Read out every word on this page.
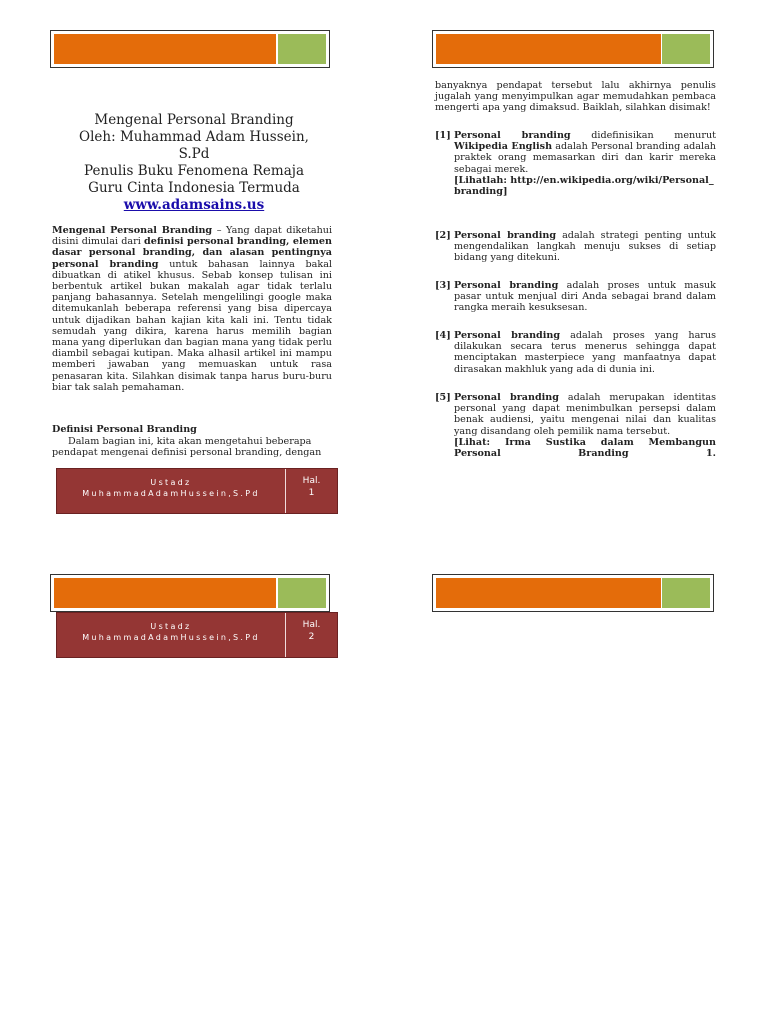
Mengenal Personal Branding
Oleh: Muhammad Adam Hussein,
S.Pd
Penulis Buku Fenomena Remaja
Guru Cinta Indonesia Termuda
www.adamsains.us
Mengenal Personal Branding – Yang dapat diketahui disini dimulai dari definisi personal branding, elemen dasar personal branding, dan alasan pentingnya personal branding untuk bahasan lainnya bakal dibuatkan di atikel khusus. Sebab konsep tulisan ini berbentuk artikel bukan makalah agar tidak terlalu panjang bahasannya. Setelah mengelilingi google maka ditemukanlah beberapa referensi yang bisa dipercaya untuk dijadikan bahan kajian kita kali ini. Tentu tidak semudah yang dikira, karena harus memilih bagian mana yang diperlukan dan bagian mana yang tidak perlu diambil sebagai kutipan. Maka alhasil artikel ini mampu memberi jawaban yang memuaskan untuk rasa penasaran kita. Silahkan disimak tanpa harus buru-buru biar tak salah pemahaman.
Definisi Personal Branding
Dalam bagian ini, kita akan mengetahui beberapa pendapat mengenai definisi personal branding, dengan
Ustadz
MuhammadAdamHussein,S.Pd
Hal.
1
Ustadz
MuhammadAdamHussein,S.Pd
Hal.
2
banyaknya pendapat tersebut lalu akhirnya penulis jugalah yang menyimpulkan agar memudahkan pembaca mengerti apa yang dimaksud. Baiklah, silahkan disimak!
[1] Personal branding didefinisikan menurut Wikipedia English adalah Personal branding adalah praktek orang memasarkan diri dan karir mereka sebagai merek.
[Lihatlah: http://en.wikipedia.org/wiki/Personal_branding]
[2] Personal branding adalah strategi penting untuk mengendalikan langkah menuju sukses di setiap bidang yang ditekuni.
[3] Personal branding adalah proses untuk masuk pasar untuk menjual diri Anda sebagai brand dalam rangka meraih kesuksesan.
[4] Personal branding adalah proses yang harus dilakukan secara terus menerus sehingga dapat menciptakan masterpiece yang manfaatnya dapat dirasakan makhluk yang ada di dunia ini.
[5] Personal branding adalah merupakan identitas personal yang dapat menimbulkan persepsi dalam benak audiensi, yaitu mengenai nilai dan kualitas yang disandang oleh pemilik nama tersebut.
[Lihat: Irma Sustika dalam Membangun Personal Branding 1.
